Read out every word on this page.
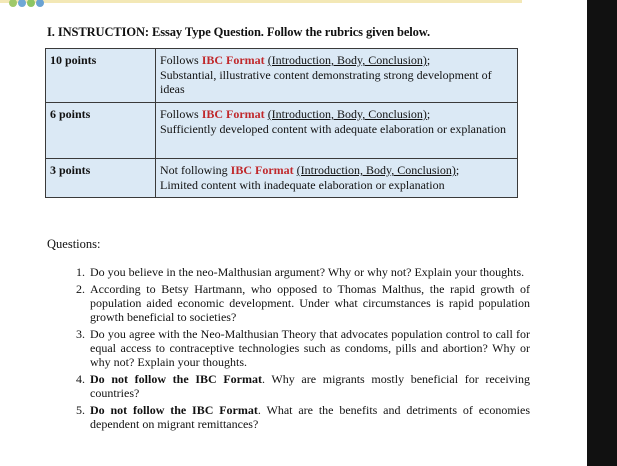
I. INSTRUCTION: Essay Type Question. Follow the rubrics given below.
10 points	Follows IBC Format (Introduction, Body, Conclusion);
Substantial, illustrative content demonstrating strong development of ideas
6 points	Follows IBC Format (Introduction, Body, Conclusion);
Sufficiently developed content with adequate elaboration or explanation
3 points	Not following IBC Format (Introduction, Body, Conclusion);
Limited content with inadequate elaboration or explanation
Questions:
1. Do you believe in the neo-Malthusian argument? Why or why not? Explain your thoughts.
2. According to Betsy Hartmann, who opposed to Thomas Malthus, the rapid growth of population aided economic development. Under what circumstances is rapid population growth beneficial to societies?
3. Do you agree with the Neo-Malthusian Theory that advocates population control to call for equal access to contraceptive technologies such as condoms, pills and abortion? Why or why not? Explain your thoughts.
4. Do not follow the IBC Format. Why are migrants mostly beneficial for receiving countries?
5. Do not follow the IBC Format. What are the benefits and detriments of economies dependent on migrant remittances?
